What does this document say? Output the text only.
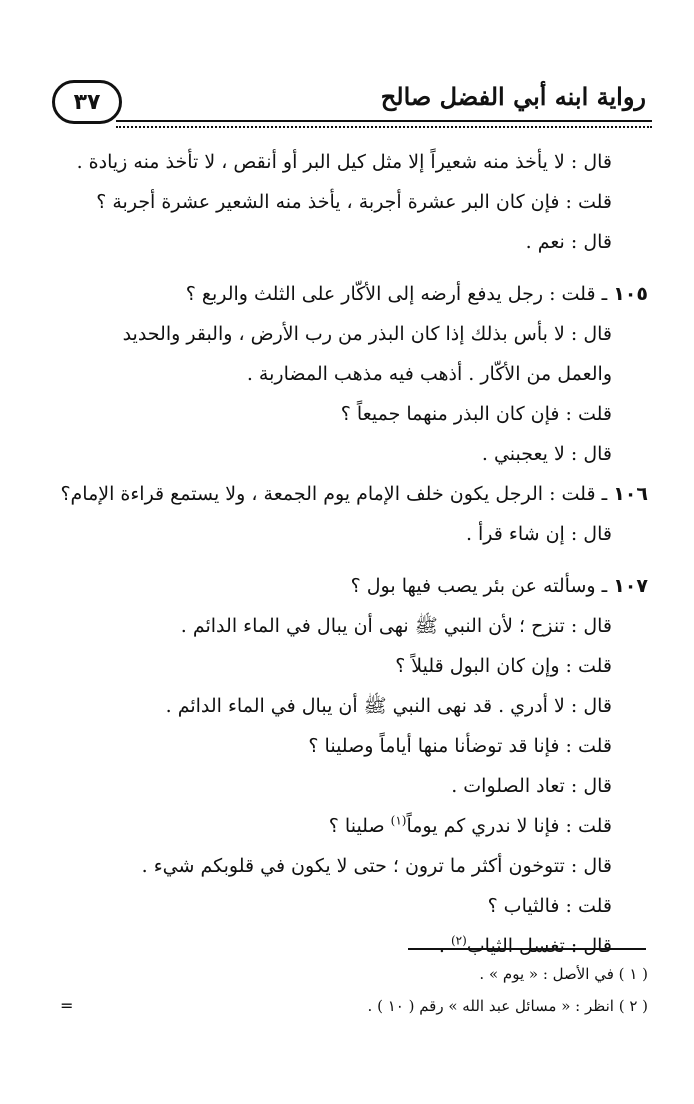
٣٧	رواية ابنه أبي الفضل صالح
قال : لا يأخذ منه شعيراً إلا مثل كيل البر أو أنقص ، لا تأخذ منه زيادة .
قلت : فإن كان البر عشرة أجربة ، يأخذ منه الشعير عشرة أجربة ؟
قال : نعم .
١٠٥ ـ قلت : رجل يدفع أرضه إلى الأكّار على الثلث والربع ؟
قال : لا بأس بذلك إذا كان البذر من رب الأرض ، والبقر والحديد
والعمل من الأكّار . أذهب فيه مذهب المضاربة .
قلت : فإن كان البذر منهما جميعاً ؟
قال : لا يعجبني .
١٠٦ ـ قلت : الرجل يكون خلف الإمام يوم الجمعة ، ولا يستمع قراءة الإمام؟
قال : إن شاء قرأ .
١٠٧ ـ وسألته عن بئر يصب فيها بول ؟
قال : تنزح ؛ لأن النبي ﷺ نهى أن يبال في الماء الدائم .
قلت : وإن كان البول قليلاً ؟
قال : لا أدري . قد نهى النبي ﷺ أن يبال في الماء الدائم .
قلت : فإنا قد توضأنا منها أياماً وصلينا ؟
قال : تعاد الصلوات .
قلت : فإنا لا ندري كم يوماً$^{(١)}$ صلينا ؟
قال : تتوخون أكثر ما ترون ؛ حتى لا يكون في قلوبكم شيء .
قلت : فالثياب ؟
قال : تغسل الثياب$^{(٢)}$ .
( ١ ) في الأصل : « يوم » .
( ٢ ) انظر : « مسائل عبد الله » رقم ( ١٠ ) .
=
